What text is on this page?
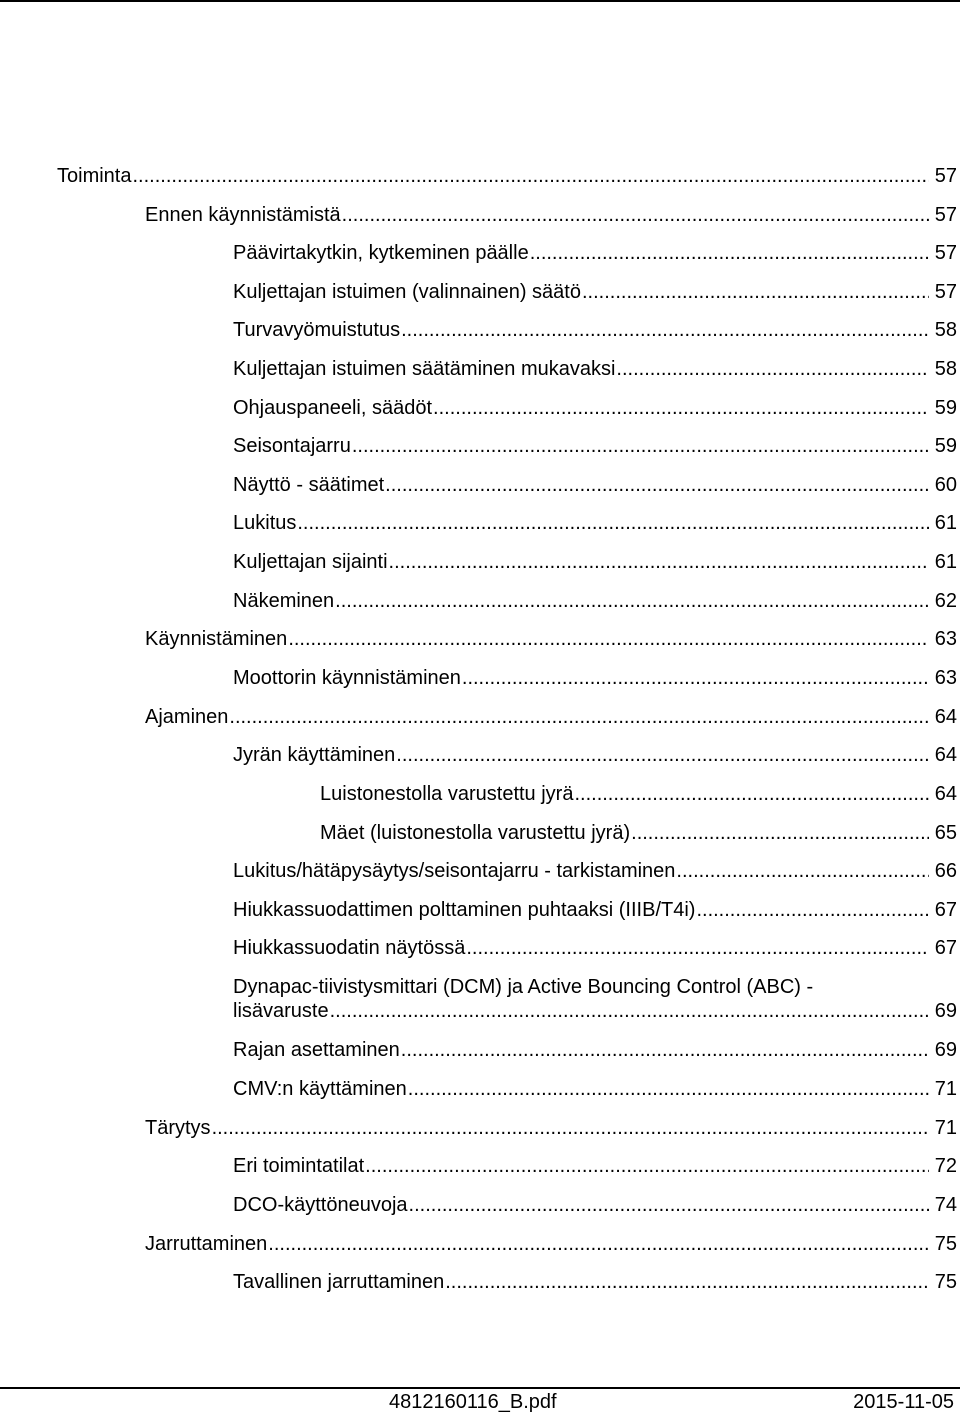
Toiminta .....	57
Ennen käynnistämistä .....	57
Päävirtakytkin, kytkeminen päälle .....	57
Kuljettajan istuimen (valinnainen) säätö .....	57
Turvavyömuistutus .....	58
Kuljettajan istuimen säätäminen mukavaksi .....	58
Ohjauspaneeli, säädöt .....	59
Seisontajarru .....	59
Näyttö - säätimet .....	60
Lukitus .....	61
Kuljettajan sijainti .....	61
Näkeminen .....	62
Käynnistäminen .....	63
Moottorin käynnistäminen .....	63
Ajaminen .....	64
Jyrän käyttäminen .....	64
Luistonestolla varustettu jyrä .....	64
Mäet (luistonestolla varustettu jyrä) .....	65
Lukitus/hätäpysäytys/seisontajarru - tarkistaminen .....	66
Hiukkassuodattimen polttaminen puhtaaksi (IIIB/T4i) .....	67
Hiukkassuodatin näytössä .....	67
Dynapac-tiivistysmittari (DCM) ja Active Bouncing Control (ABC) -
lisävaruste .....	69
Rajan asettaminen .....	69
CMV:n käyttäminen .....	71
Tärytys .....	71
Eri toimintatilat .....	72
DCO-käyttöneuvoja .....	74
Jarruttaminen .....	75
Tavallinen jarruttaminen .....	75
4812160116_B.pdf	2015-11-05
